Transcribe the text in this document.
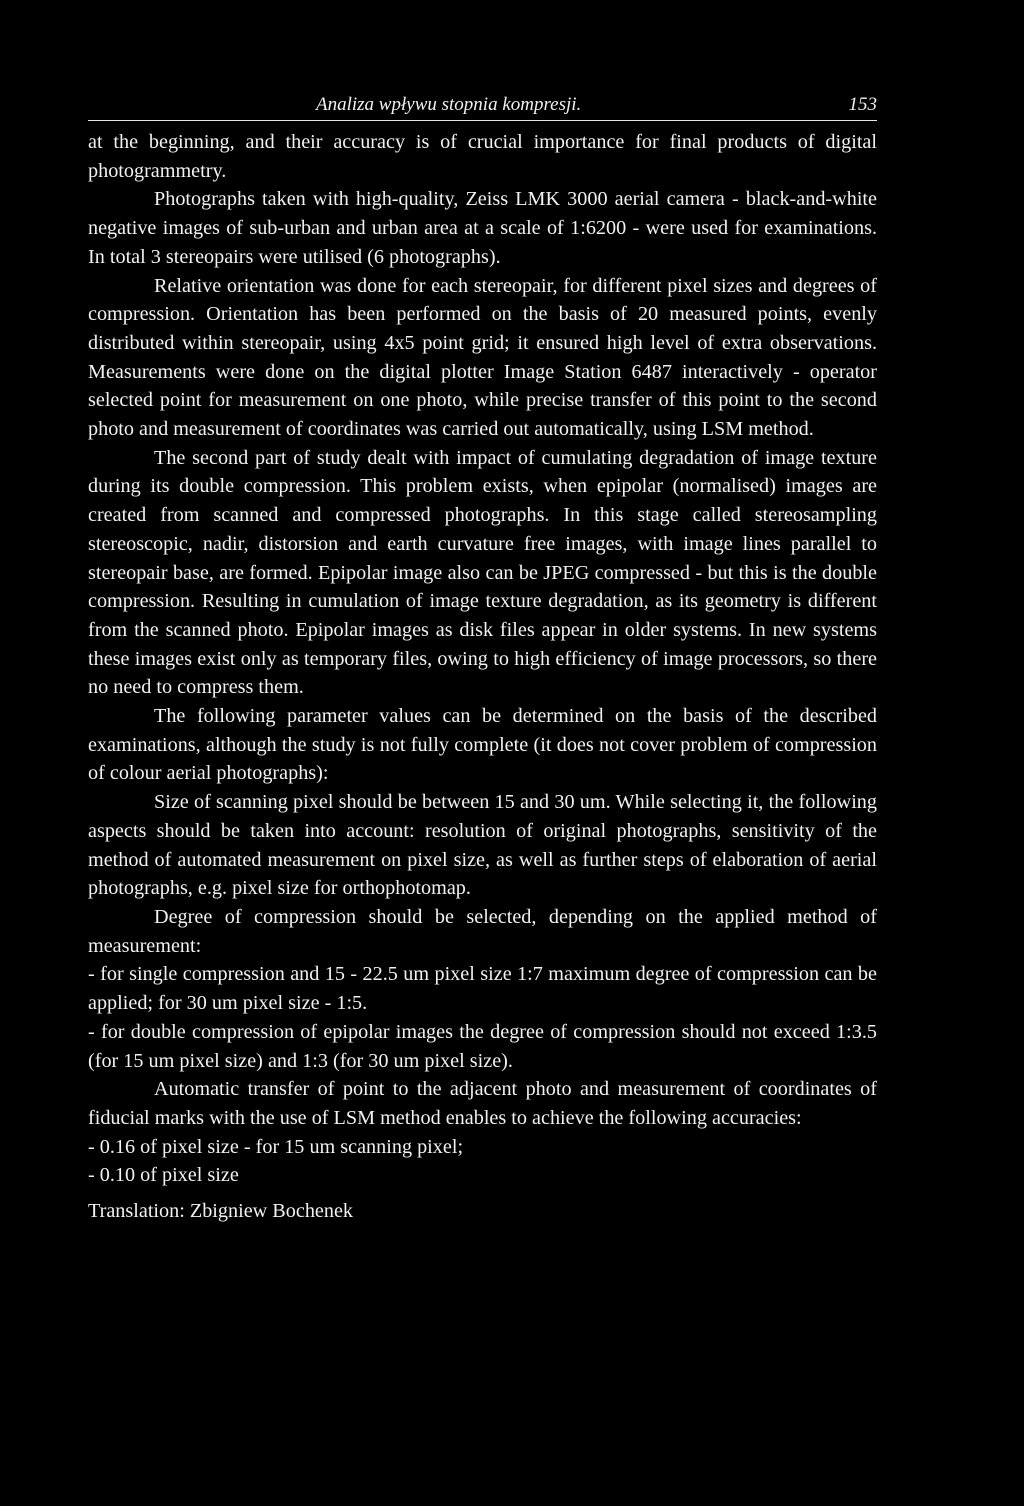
Analiza wpływu stopnia kompresji.	153

at the beginning, and their accuracy is of crucial importance for final products of digital photogrammetry.

Photographs taken with high-quality, Zeiss LMK 3000 aerial camera - black-and-white negative images of sub-urban and urban area at a scale of 1:6200 - were used for examinations. In total 3 stereopairs were utilised (6 photographs).

Relative orientation was done for each stereopair, for different pixel sizes and degrees of compression. Orientation has been performed on the basis of 20 measured points, evenly distributed within stereopair, using 4x5 point grid; it ensured high level of extra observations. Measurements were done on the digital plotter Image Station 6487 interactively - operator selected point for measurement on one photo, while precise transfer of this point to the second photo and measurement of coordinates was carried out automatically, using LSM method.

The second part of study dealt with impact of cumulating degradation of image texture during its double compression. This problem exists, when epipolar (normalised) images are created from scanned and compressed photographs. In this stage called stereosampling stereoscopic, nadir, distorsion and earth curvature free images, with image lines parallel to stereopair base, are formed. Epipolar image also can be JPEG compressed - but this is the double compression. Resulting in cumulation of image texture degradation, as its geometry is different from the scanned photo. Epipolar images as disk files appear in older systems. In new systems these images exist only as temporary files, owing to high efficiency of image processors, so there no need to compress them.

The following parameter values can be determined on the basis of the described examinations, although the study is not fully complete (it does not cover problem of compression of colour aerial photographs):

Size of scanning pixel should be between 15 and 30 um. While selecting it, the following aspects should be taken into account: resolution of original photographs, sensitivity of the method of automated measurement on pixel size, as well as further steps of elaboration of aerial photographs, e.g. pixel size for orthophotomap.

Degree of compression should be selected, depending on the applied method of measurement:

- for single compression and 15 - 22.5 um pixel size 1:7 maximum degree of compression can be applied; for 30 um pixel size - 1:5.

- for double compression of epipolar images the degree of compression should not exceed 1:3.5 (for 15 um pixel size) and 1:3 (for 30 um pixel size).

Automatic transfer of point to the adjacent photo and measurement of coordinates of fiducial marks with the use of LSM method enables to achieve the following accuracies:

- 0.16 of pixel size - for 15 um scanning pixel;

- 0.10 of pixel size

Translation: Zbigniew Bochenek
